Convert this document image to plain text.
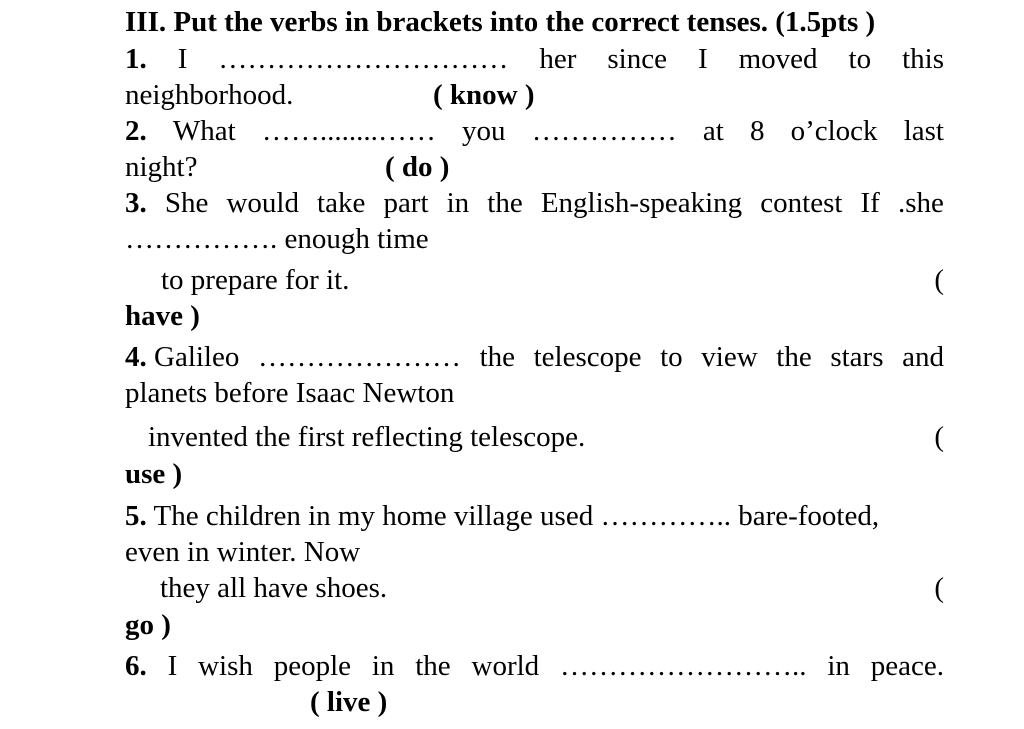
III. Put the verbs in brackets into the correct tenses. (1.5pts )
1. I ………………………… her since I moved to this
neighborhood.	( know )
2. What ……........…… you …………… at 8 o’clock last
night?	( do )
3. She would take part in the English-speaking contest If .she
……………. enough time
to prepare for it.	(
have )
4. Galileo ………………… the telescope to view the stars and
planets before Isaac Newton
invented the first reflecting telescope.	(
use )
5. The children in my home village used ………….. bare-footed,
even in winter. Now
they all have shoes.	(
go )
6. I wish people in the world …………………….. in peace.
( live )
